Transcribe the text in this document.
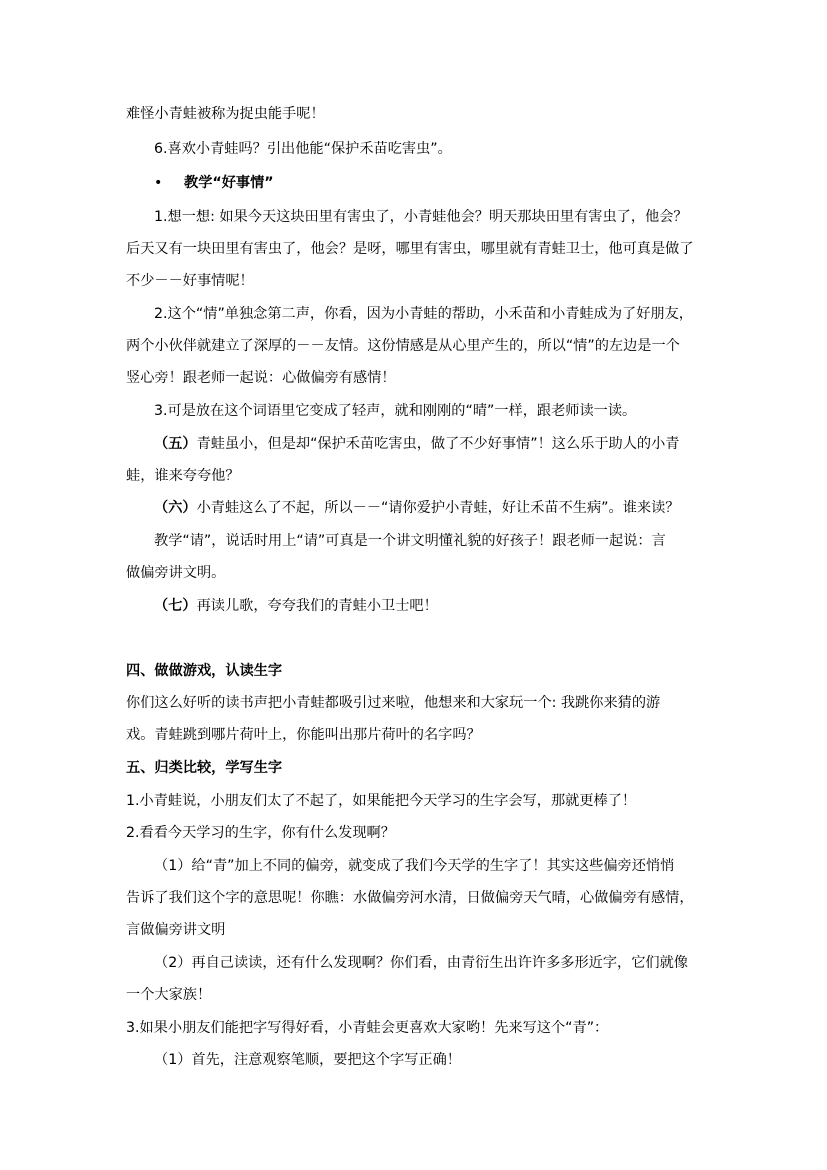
难怪小青蛙被称为捉虫能手呢！
6.喜欢小青蛙吗？引出他能“保护禾苗吃害虫”。
• 教学“好事情”
1.想一想: 如果今天这块田里有害虫了，小青蛙他会？明天那块田里有害虫了，他会？
后天又有一块田里有害虫了，他会？是呀，哪里有害虫，哪里就有青蛙卫士，他可真是做了
不少－－好事情呢！
2.这个“情”单独念第二声，你看，因为小青蛙的帮助，小禾苗和小青蛙成为了好朋友，
两个小伙伴就建立了深厚的－－友情。这份情感是从心里产生的，所以“情”的左边是一个
竖心旁！跟老师一起说：心做偏旁有感情！
3.可是放在这个词语里它变成了轻声，就和刚刚的“晴”一样，跟老师读一读。
（五）青蛙虽小，但是却“保护禾苗吃害虫，做了不少好事情”！这么乐于助人的小青
蛙，谁来夸夸他？
（六）小青蛙这么了不起，所以－－“请你爱护小青蛙，好让禾苗不生病”。谁来读？
教学“请”，说话时用上“请”可真是一个讲文明懂礼貌的好孩子！跟老师一起说：言
做偏旁讲文明。
（七）再读儿歌，夸夸我们的青蛙小卫士吧！
四、做做游戏，认读生字
你们这么好听的读书声把小青蛙都吸引过来啦，他想来和大家玩一个: 我跳你来猜的游
戏。青蛙跳到哪片荷叶上，你能叫出那片荷叶的名字吗？
五、归类比较，学写生字
1.小青蛙说，小朋友们太了不起了，如果能把今天学习的生字会写，那就更棒了！
2.看看今天学习的生字，你有什么发现啊？
（1）给“青”加上不同的偏旁，就变成了我们今天学的生字了！其实这些偏旁还悄悄
告诉了我们这个字的意思呢！你瞧：水做偏旁河水清，日做偏旁天气晴，心做偏旁有感情，
言做偏旁讲文明
（2）再自己读读，还有什么发现啊？你们看，由青衍生出许许多多形近字，它们就像
一个大家族！
3.如果小朋友们能把字写得好看，小青蛙会更喜欢大家哟！先来写这个“青”：
（1）首先，注意观察笔顺，要把这个字写正确！
